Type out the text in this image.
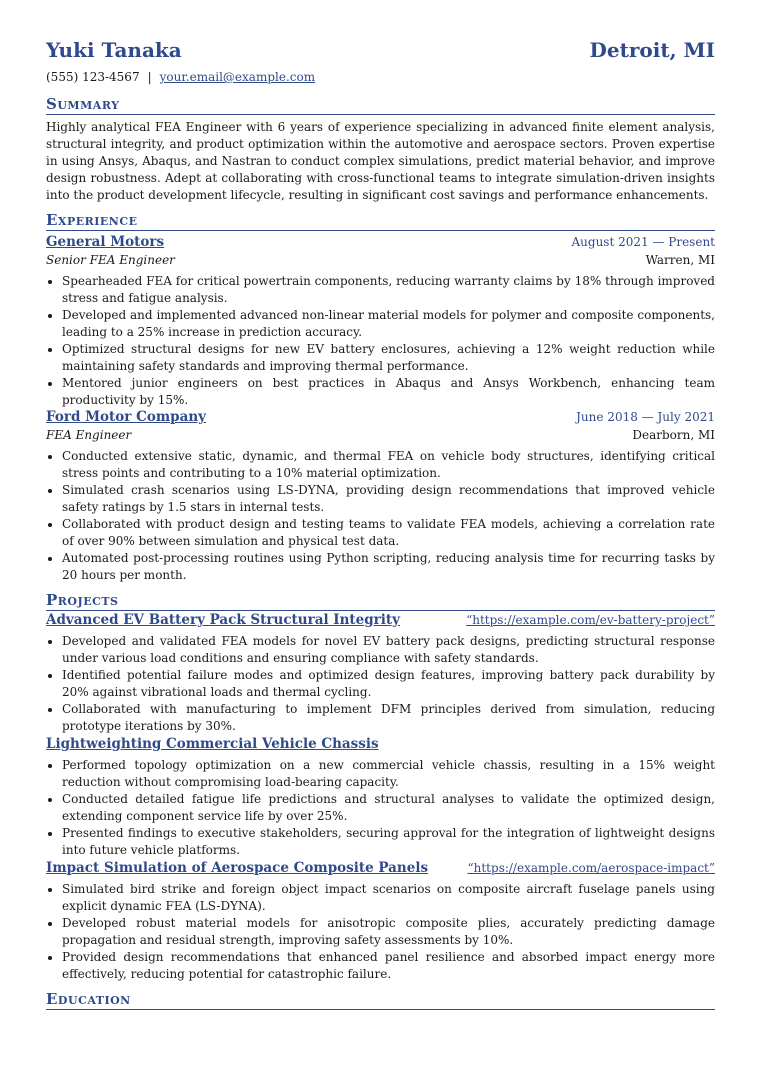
Yuki Tanaka	Detroit, MI
(555) 123-4567 | your.email@example.com
Summary
Highly analytical FEA Engineer with 6 years of experience specializing in advanced finite element analysis, structural integrity, and product optimization within the automotive and aerospace sectors. Proven expertise in using Ansys, Abaqus, and Nastran to conduct complex simulations, predict material behavior, and improve design robustness. Adept at collaborating with cross-functional teams to integrate simulation-driven insights into the product development lifecycle, resulting in significant cost savings and performance enhancements.
Experience
General Motors	August 2021 — Present
Senior FEA Engineer	Warren, MI
• Spearheaded FEA for critical powertrain components, reducing warranty claims by 18% through improved stress and fatigue analysis.
• Developed and implemented advanced non-linear material models for polymer and composite components, leading to a 25% increase in prediction accuracy.
• Optimized structural designs for new EV battery enclosures, achieving a 12% weight reduction while maintaining safety standards and improving thermal performance.
• Mentored junior engineers on best practices in Abaqus and Ansys Workbench, enhancing team productivity by 15%.
Ford Motor Company	June 2018 — July 2021
FEA Engineer	Dearborn, MI
• Conducted extensive static, dynamic, and thermal FEA on vehicle body structures, identifying critical stress points and contributing to a 10% material optimization.
• Simulated crash scenarios using LS-DYNA, providing design recommendations that improved vehicle safety ratings by 1.5 stars in internal tests.
• Collaborated with product design and testing teams to validate FEA models, achieving a correlation rate of over 90% between simulation and physical test data.
• Automated post-processing routines using Python scripting, reducing analysis time for recurring tasks by 20 hours per month.
Projects
Advanced EV Battery Pack Structural Integrity	“https://example.com/ev-battery-project”
• Developed and validated FEA models for novel EV battery pack designs, predicting structural response under various load conditions and ensuring compliance with safety standards.
• Identified potential failure modes and optimized design features, improving battery pack durability by 20% against vibrational loads and thermal cycling.
• Collaborated with manufacturing to implement DFM principles derived from simulation, reducing prototype iterations by 30%.
Lightweighting Commercial Vehicle Chassis
• Performed topology optimization on a new commercial vehicle chassis, resulting in a 15% weight reduction without compromising load-bearing capacity.
• Conducted detailed fatigue life predictions and structural analyses to validate the optimized design, extending component service life by over 25%.
• Presented findings to executive stakeholders, securing approval for the integration of lightweight designs into future vehicle platforms.
Impact Simulation of Aerospace Composite Panels	“https://example.com/aerospace-impact”
• Simulated bird strike and foreign object impact scenarios on composite aircraft fuselage panels using explicit dynamic FEA (LS-DYNA).
• Developed robust material models for anisotropic composite plies, accurately predicting damage propagation and residual strength, improving safety assessments by 10%.
• Provided design recommendations that enhanced panel resilience and absorbed impact energy more effectively, reducing potential for catastrophic failure.
Education
